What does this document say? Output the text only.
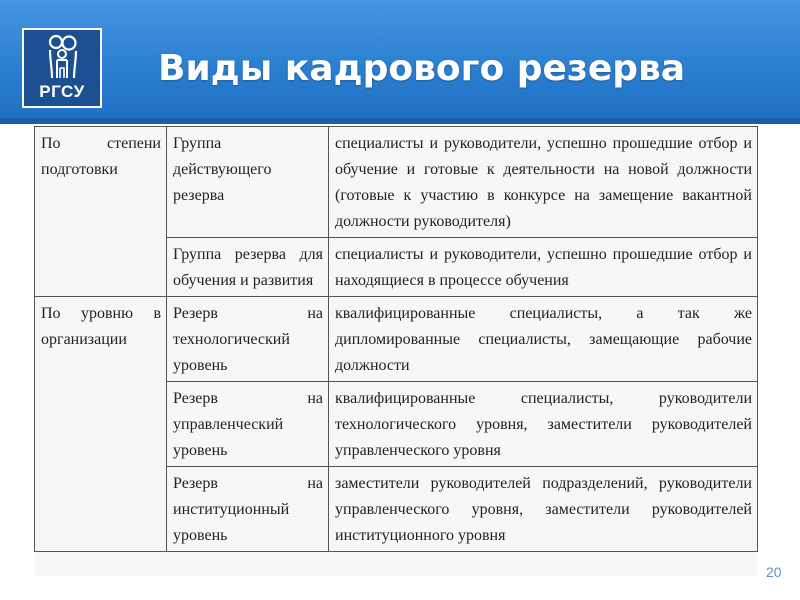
РГСУ
Виды кадрового резерва
По степени подготовки	Группа действующего резерва	специалисты и руководители, успешно прошедшие отбор и обучение и готовые к деятельности на новой должности (готовые к участию в конкурсе на замещение вакантной должности руководителя)
	Группа резерва для обучения и развития	специалисты и руководители, успешно прошедшие отбор и находящиеся в процессе обучения
По уровню в организации	Резерв на технологический уровень	квалифицированные специалисты, а так же дипломированные специалисты, замещающие рабочие должности
	Резерв на управленческий уровень	квалифицированные специалисты, руководители технологического уровня, заместители руководителей управленческого уровня
	Резерв на институционный уровень	заместители руководителей подразделений, руководители управленческого уровня, заместители руководителей институционного уровня
20
